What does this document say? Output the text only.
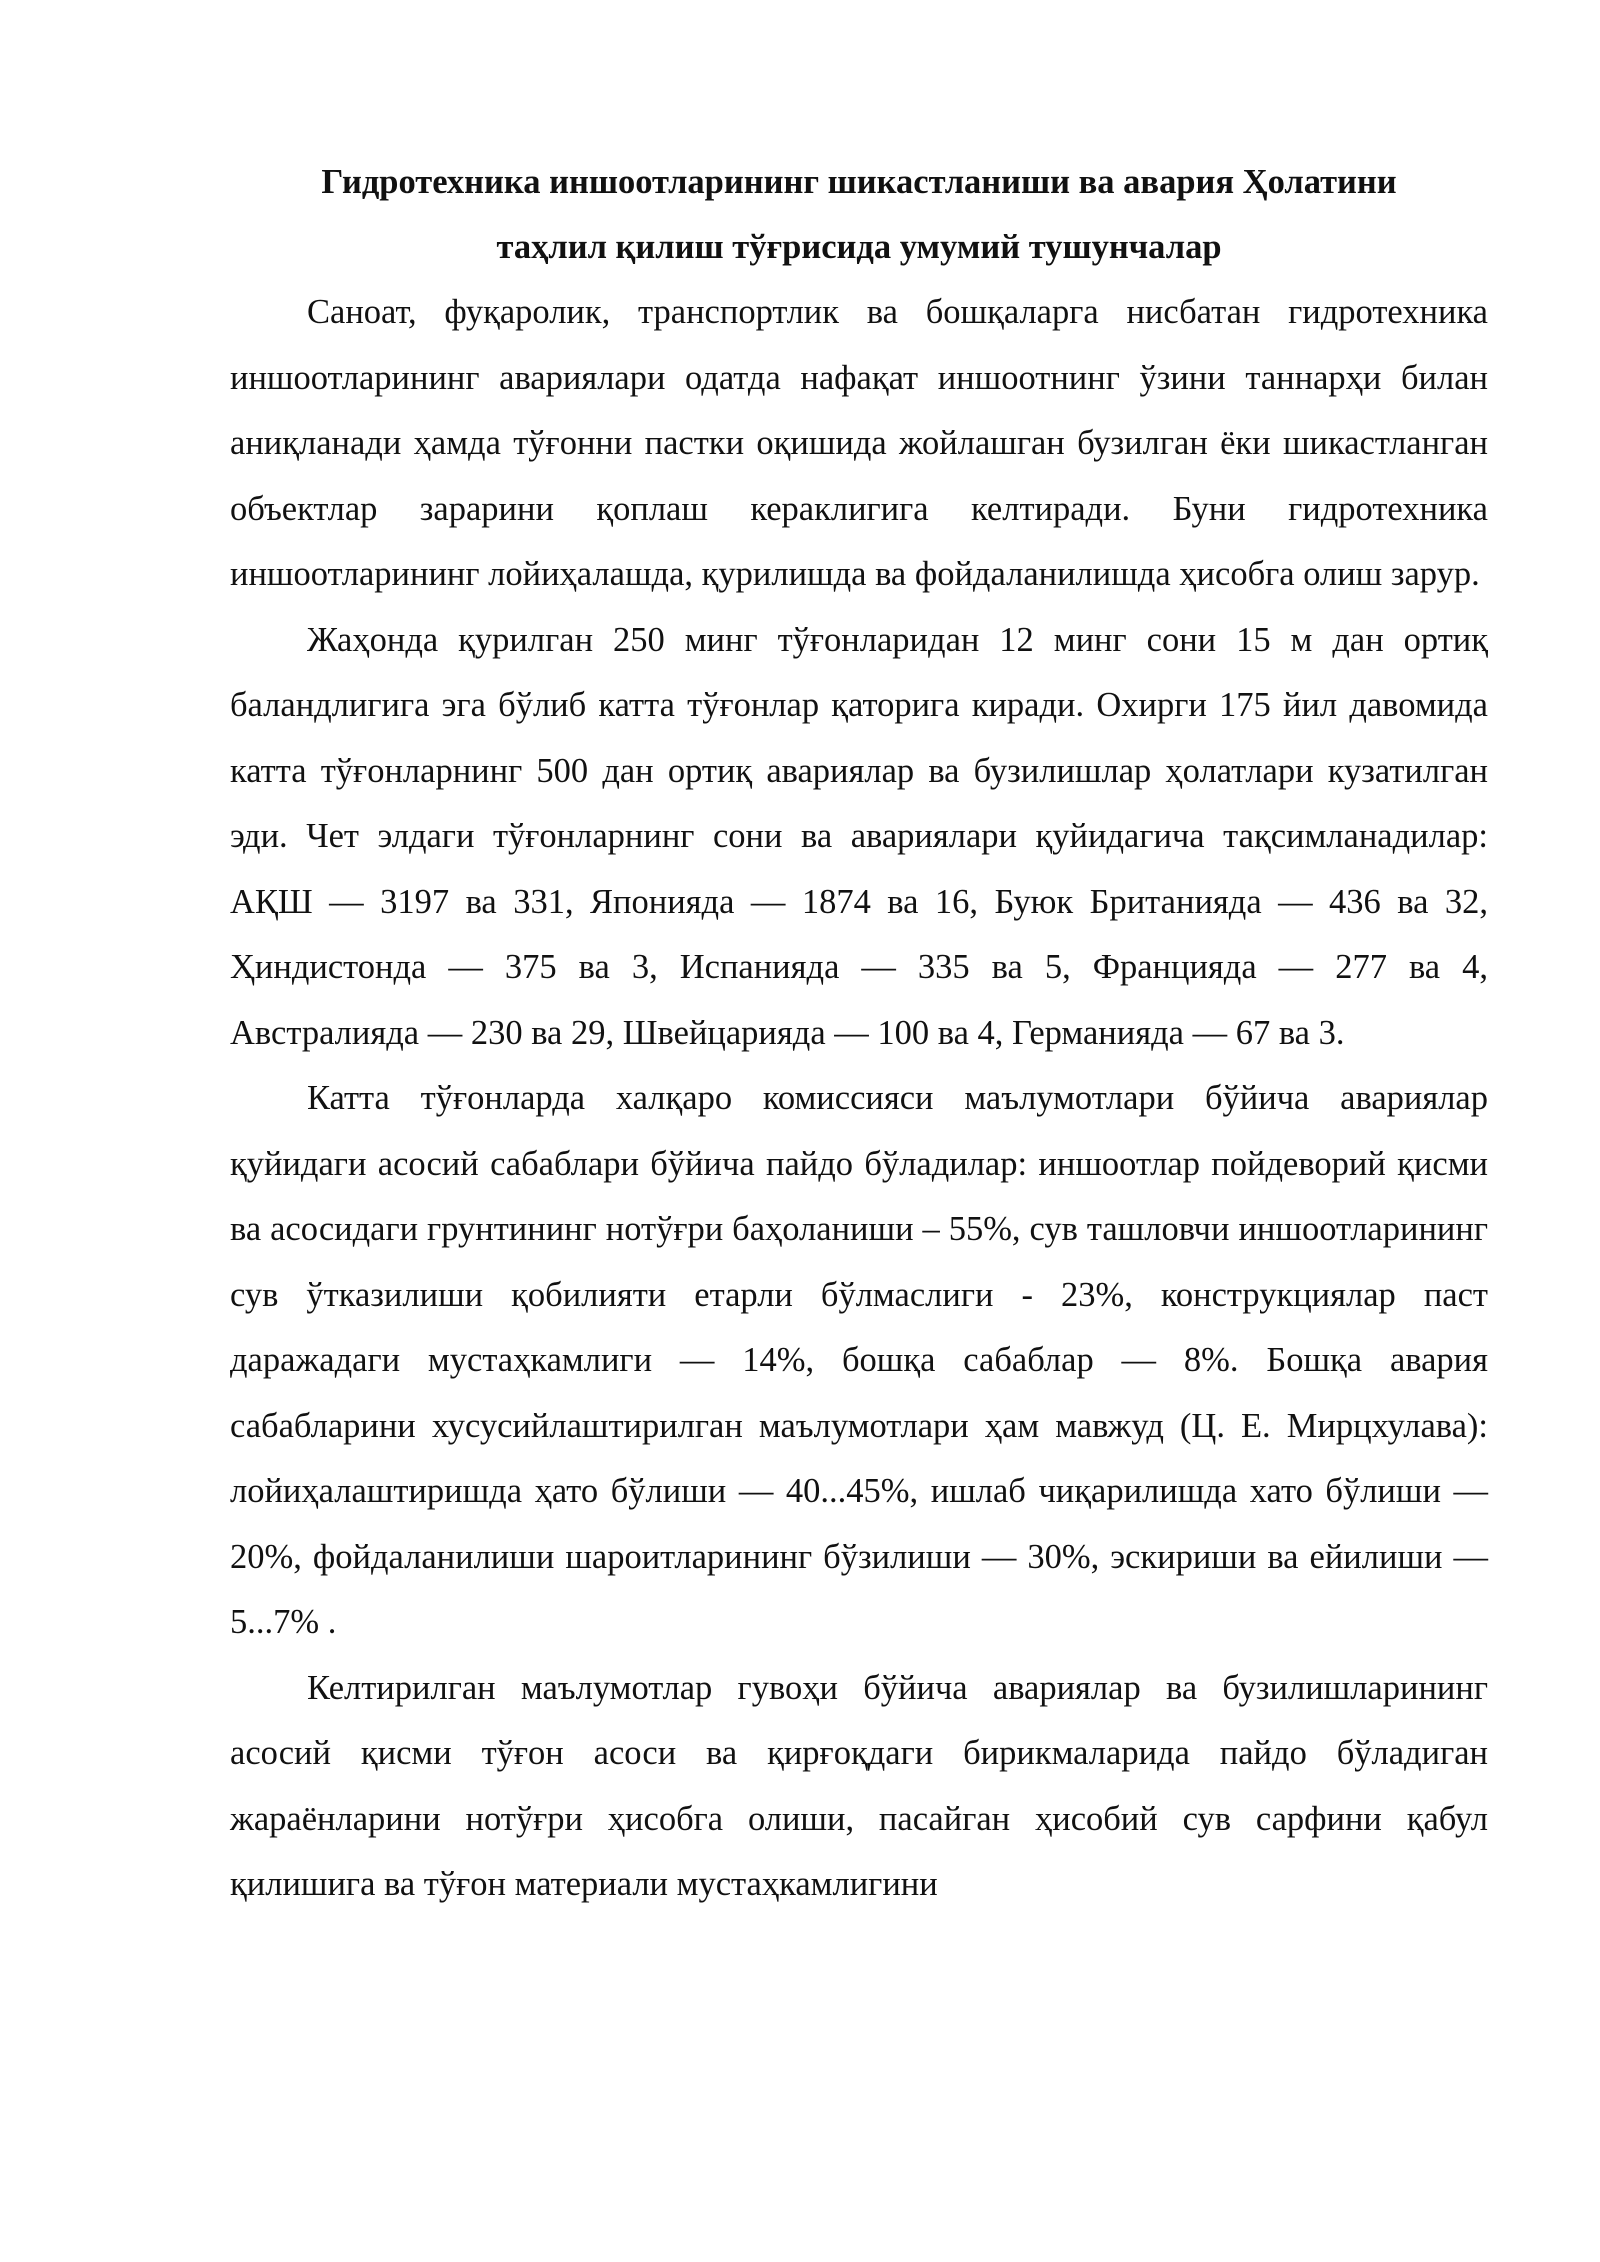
Гидротехника иншоотларининг шикастланиши ва авария Ҳолатини
таҳлил қилиш тўғрисида умумий тушунчалар

Саноат, фуқаролик, транспортлик ва бошқаларга нисбатан гидротехника иншоотларининг авариялари одатда нафақат иншоотнинг ўзини таннарҳи билан аниқланади ҳамда тўғонни пастки оқишида жойлашган бузилган ёки шикастланган объектлар зарарини қоплаш кераклигига келтиради. Буни гидротехника иншоотларининг лойиҳалашда, қурилишда ва фойдаланилишда ҳисобга олиш зарур.

Жаҳонда қурилган 250 минг тўғонларидан 12 минг сони 15 м дан ортиқ баландлигига эга бўлиб катта тўғонлар қаторига киради. Охирги 175 йил давомида катта тўғонларнинг 500 дан ортиқ авариялар ва бузилишлар ҳолатлари кузатилган эди. Чет элдаги тўғонларнинг сони ва авариялари қуйидагича тақсимланадилар: АҚШ — 3197 ва 331, Японияда — 1874 ва 16, Буюк Британияда — 436 ва 32, Ҳиндистонда — 375 ва 3, Испанияда — 335 ва 5, Францияда — 277 ва 4, Австралияда — 230 ва 29, Швейцарияда — 100 ва 4, Германияда — 67 ва 3.

Катта тўғонларда халқаро комиссияси маълумотлари бўйича авариялар қуйидаги асосий сабаблари бўйича пайдо бўладилар: иншоотлар пойдеворий қисми ва асосидаги грунтининг нотўғри баҳоланиши – 55%, сув ташловчи иншоотларининг сув ўтказилиши қобилияти етарли бўлмаслиги - 23%, конструкциялар паст даражадаги мустаҳкамлиги — 14%, бошқа сабаблар — 8%. Бошқа авария сабабларини хусусийлаштирилган маълумотлари ҳам мавжуд (Ц. Е. Мирцхулава): лойиҳалаштиришда ҳато бўлиши — 40...45%, ишлаб чиқарилишда хато бўлиши — 20%, фойдаланилиши шароитларининг бўзилиши — 30%, эскириши ва ейилиши — 5...7% .

Келтирилган маълумотлар гувоҳи бўйича авариялар ва бузилишларининг асосий қисми тўғон асоси ва қирғоқдаги бирикмаларида пайдо бўладиган жараёнларини нотўғри ҳисобга олиши, пасайган ҳисобий сув сарфини қабул қилишига ва тўғон материали мустаҳкамлигини
